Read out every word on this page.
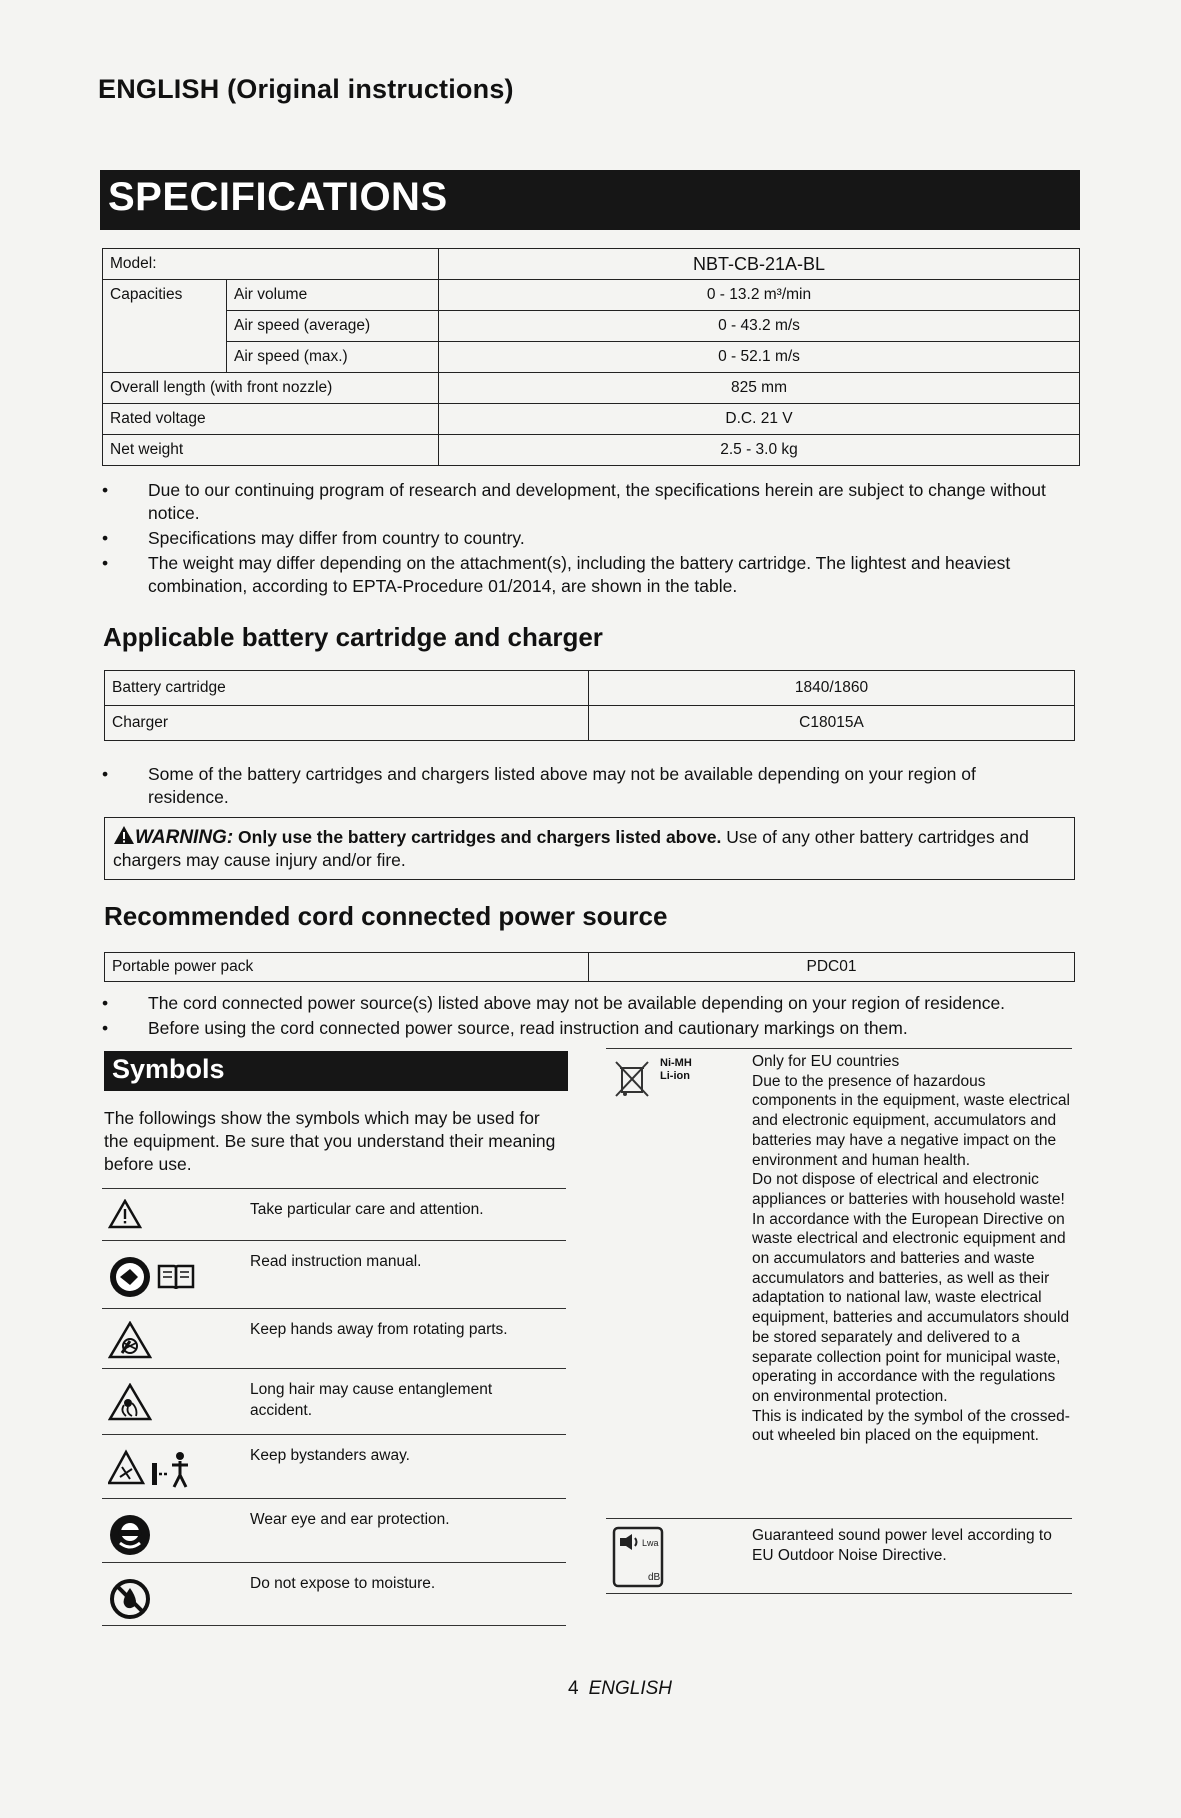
ENGLISH (Original instructions)
SPECIFICATIONS
Model:		NBT-CB-21A-BL
Capacities	Air volume	0 - 13.2 m³/min
	Air speed (average)	0 - 43.2 m/s
	Air speed (max.)	0 - 52.1 m/s
Overall length (with front nozzle)		825 mm
Rated voltage		D.C. 21 V
Net weight		2.5 - 3.0 kg
• Due to our continuing program of research and development, the specifications herein are subject to change without notice.
• Specifications may differ from country to country.
• The weight may differ depending on the attachment(s), including the battery cartridge. The lightest and heaviest combination, according to EPTA-Procedure 01/2014, are shown in the table.
Applicable battery cartridge and charger
Battery cartridge	1840/1860
Charger	C18015A
• Some of the battery cartridges and chargers listed above may not be available depending on your region of residence.
WARNING: Only use the battery cartridges and chargers listed above. Use of any other battery cartridges and chargers may cause injury and/or fire.
Recommended cord connected power source
Portable power pack	PDC01
• The cord connected power source(s) listed above may not be available depending on your region of residence.
• Before using the cord connected power source, read instruction and cautionary markings on them.
Symbols
The followings show the symbols which may be used for the equipment. Be sure that you understand their meaning before use.
Take particular care and attention.
Read instruction manual.
Keep hands away from rotating parts.
Long hair may cause entanglement accident.
Keep bystanders away.
Wear eye and ear protection.
Do not expose to moisture.
Ni-MH
Li-ion
Only for EU countries
Due to the presence of hazardous components in the equipment, waste electrical and electronic equipment, accumulators and batteries may have a negative impact on the environment and human health.
Do not dispose of electrical and electronic appliances or batteries with household waste!
In accordance with the European Directive on waste electrical and electronic equipment and on accumulators and batteries and waste accumulators and batteries, as well as their adaptation to national law, waste electrical equipment, batteries and accumulators should be stored separately and delivered to a separate collection point for municipal waste, operating in accordance with the regulations on environmental protection.
This is indicated by the symbol of the crossed-out wheeled bin placed on the equipment.
Lwa
dB
Guaranteed sound power level according to EU Outdoor Noise Directive.
4 ENGLISH
